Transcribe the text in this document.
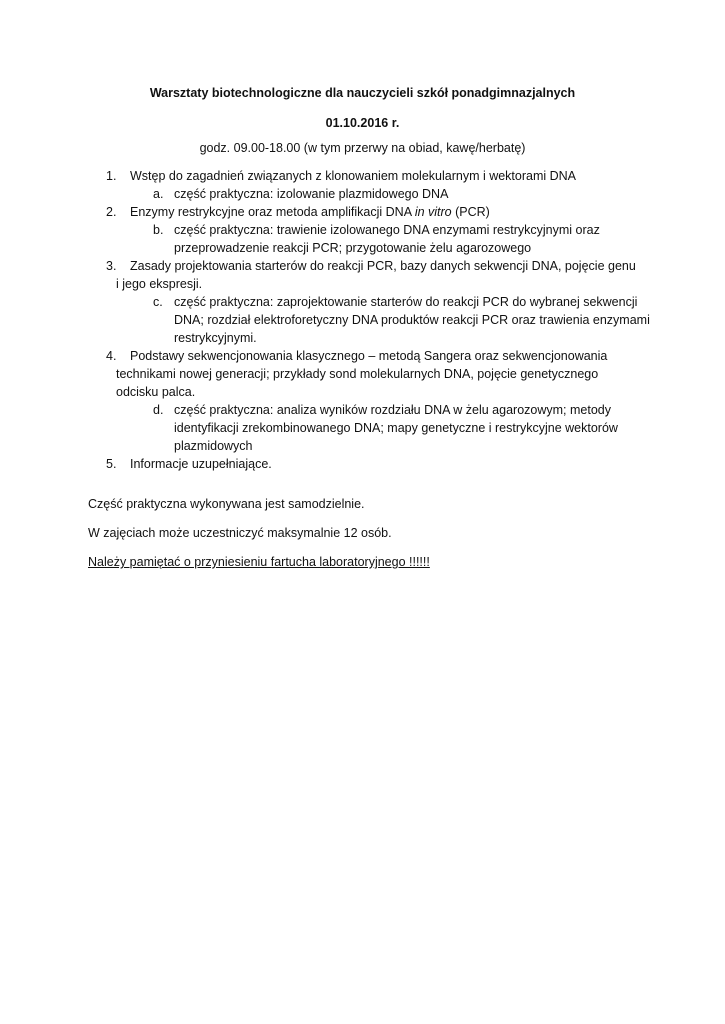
Warsztaty biotechnologiczne dla nauczycieli szkół ponadgimnazjalnych
01.10.2016 r.
godz. 09.00-18.00 (w tym przerwy na obiad, kawę/herbatę)
1. Wstęp do zagadnień związanych z klonowaniem molekularnym i wektorami DNA
a. część praktyczna: izolowanie plazmidowego DNA
2. Enzymy restrykcyjne oraz metoda amplifikacji DNA in vitro (PCR)
b. część praktyczna: trawienie izolowanego DNA enzymami restrykcyjnymi oraz
przeprowadzenie reakcji PCR; przygotowanie żelu agarozowego
3. Zasady projektowania starterów do reakcji PCR, bazy danych sekwencji DNA, pojęcie genu
i jego ekspresji.
c. część praktyczna: zaprojektowanie starterów do reakcji PCR do wybranej sekwencji
DNA; rozdział elektroforetyczny DNA produktów reakcji PCR oraz trawienia enzymami
restrykcyjnymi.
4. Podstawy sekwencjonowania klasycznego – metodą Sangera oraz sekwencjonowania
technikami nowej generacji; przykłady sond molekularnych DNA, pojęcie genetycznego
odcisku palca.
d. część praktyczna: analiza wyników rozdziału DNA w żelu agarozowym; metody
identyfikacji zrekombinowanego DNA; mapy genetyczne i restrykcyjne wektorów
plazmidowych
5. Informacje uzupełniające.
Część praktyczna wykonywana jest samodzielnie.
W zajęciach może uczestniczyć maksymalnie 12 osób.
Należy pamiętać o przyniesieniu fartucha laboratoryjnego !!!!!!
